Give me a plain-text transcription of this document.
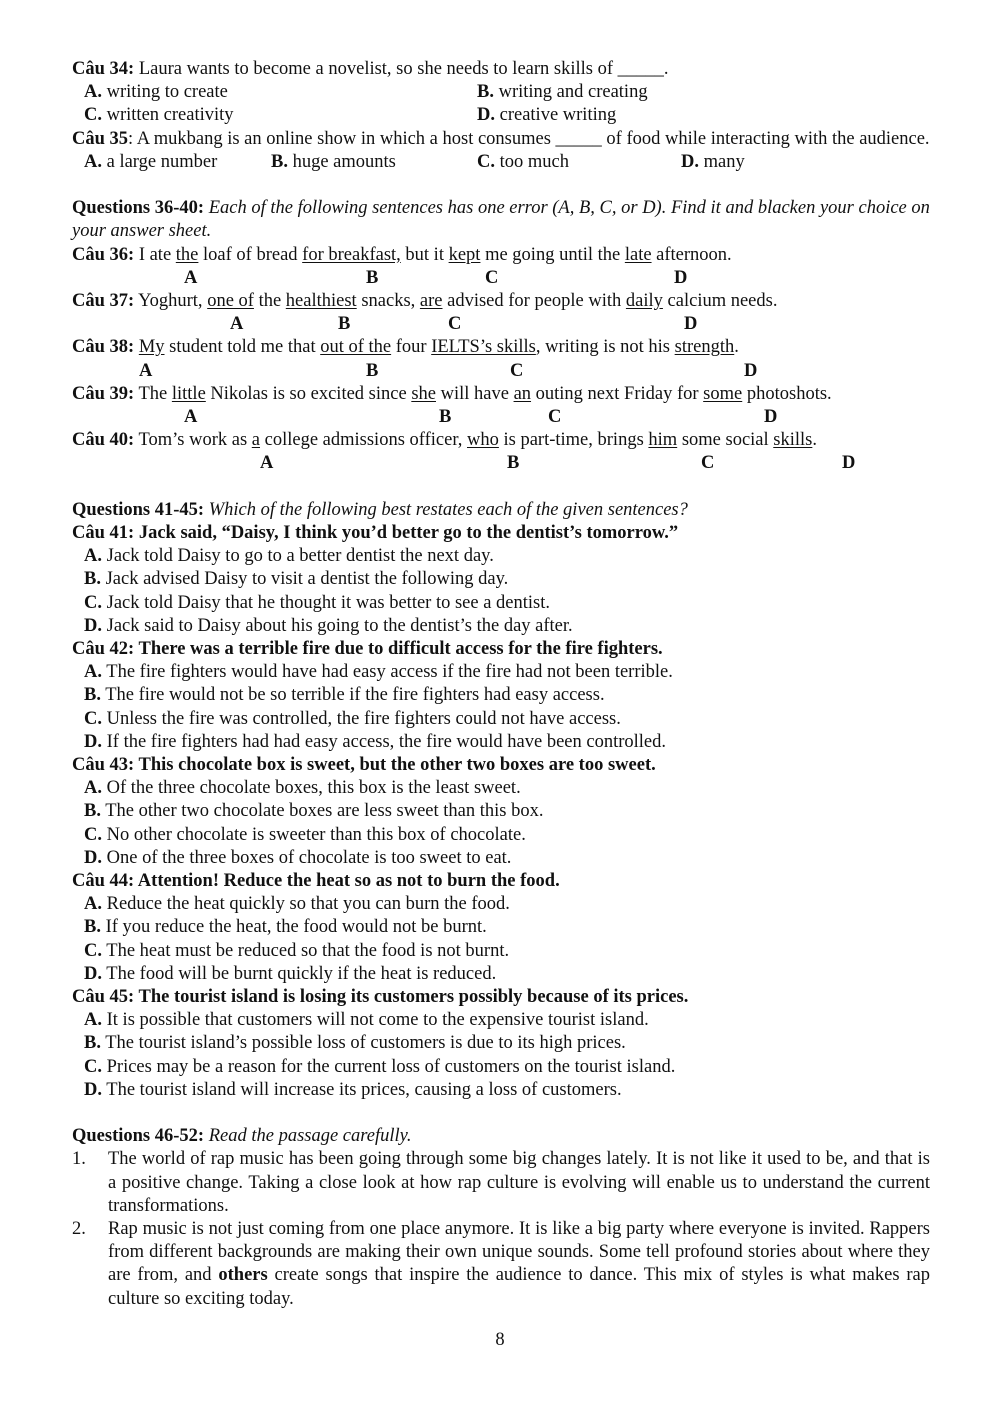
Câu 34: Laura wants to become a novelist, so she needs to learn skills of _____.
A. writing to create	B. writing and creating
C. written creativity	D. creative writing
Câu 35: A mukbang is an online show in which a host consumes _____ of food while interacting with the audience.
A. a large number	B. huge amounts	C. too much	D. many
Questions 36-40: Each of the following sentences has one error (A, B, C, or D). Find it and blacken your choice on your answer sheet.
Câu 36: I ate the loaf of bread for breakfast, but it kept me going until the late afternoon.
A	B	C	D
Câu 37: Yoghurt, one of the healthiest snacks, are advised for people with daily calcium needs.
A	B	C	D
Câu 38: My student told me that out of the four IELTS’s skills, writing is not his strength.
A	B	C	D
Câu 39: The little Nikolas is so excited since she will have an outing next Friday for some photoshots.
A	B	C	D
Câu 40: Tom’s work as a college admissions officer, who is part-time, brings him some social skills.
A	B	C	D
Questions 41-45: Which of the following best restates each of the given sentences?
Câu 41: Jack said, “Daisy, I think you’d better go to the dentist’s tomorrow.”
A. Jack told Daisy to go to a better dentist the next day.
B. Jack advised Daisy to visit a dentist the following day.
C. Jack told Daisy that he thought it was better to see a dentist.
D. Jack said to Daisy about his going to the dentist’s the day after.
Câu 42: There was a terrible fire due to difficult access for the fire fighters.
A. The fire fighters would have had easy access if the fire had not been terrible.
B. The fire would not be so terrible if the fire fighters had easy access.
C. Unless the fire was controlled, the fire fighters could not have access.
D. If the fire fighters had had easy access, the fire would have been controlled.
Câu 43: This chocolate box is sweet, but the other two boxes are too sweet.
A. Of the three chocolate boxes, this box is the least sweet.
B. The other two chocolate boxes are less sweet than this box.
C. No other chocolate is sweeter than this box of chocolate.
D. One of the three boxes of chocolate is too sweet to eat.
Câu 44: Attention! Reduce the heat so as not to burn the food.
A. Reduce the heat quickly so that you can burn the food.
B. If you reduce the heat, the food would not be burnt.
C. The heat must be reduced so that the food is not burnt.
D. The food will be burnt quickly if the heat is reduced.
Câu 45: The tourist island is losing its customers possibly because of its prices.
A. It is possible that customers will not come to the expensive tourist island.
B. The tourist island’s possible loss of customers is due to its high prices.
C. Prices may be a reason for the current loss of customers on the tourist island.
D. The tourist island will increase its prices, causing a loss of customers.
Questions 46-52: Read the passage carefully.
1.	The world of rap music has been going through some big changes lately. It is not like it used to be, and that is a positive change. Taking a close look at how rap culture is evolving will enable us to understand the current transformations.
2.	Rap music is not just coming from one place anymore. It is like a big party where everyone is invited. Rappers from different backgrounds are making their own unique sounds. Some tell profound stories about where they are from, and others create songs that inspire the audience to dance. This mix of styles is what makes rap culture so exciting today.
8
